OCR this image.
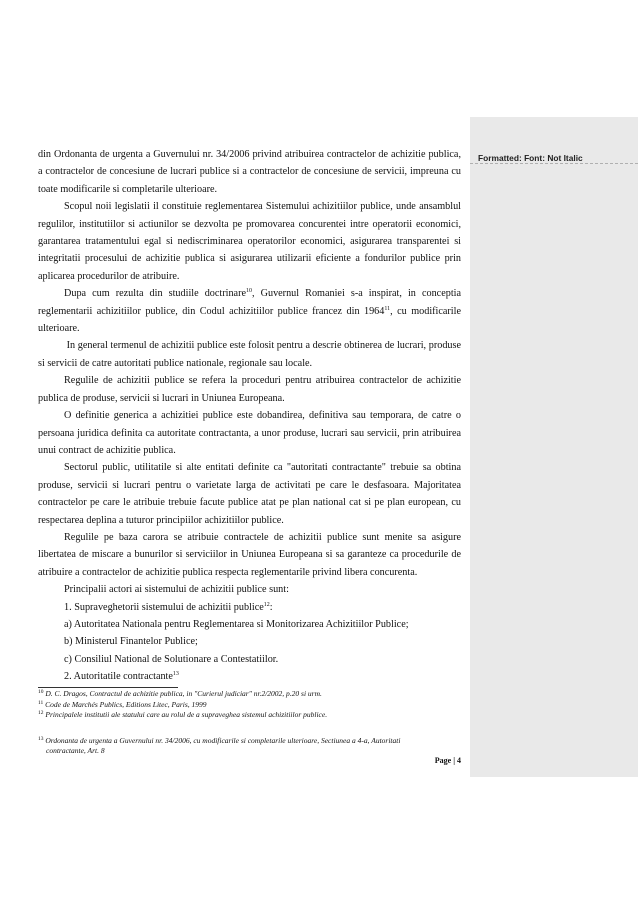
Formatted: Font: Not Italic

din Ordonanta de urgenta a Guvernului nr. 34/2006 privind atribuirea contractelor de achizitie publica, a contractelor de concesiune de lucrari publice si a contractelor de concesiune de servicii, impreuna cu toate modificarile si completarile ulterioare.

Scopul noii legislatii il constituie reglementarea Sistemului achizitiilor publice, unde ansamblul regulilor, institutiilor si actiunilor se dezvolta pe promovarea concurentei intre operatorii economici, garantarea tratamentului egal si nediscriminarea operatorilor economici, asigurarea transparentei si integritatii procesului de achizitie publica si asigurarea utilizarii eficiente a fondurilor publice prin aplicarea procedurilor de atribuire.

Dupa cum rezulta din studiile doctrinare$^{10}$, Guvernul Romaniei s-a inspirat, in conceptia reglementarii achizitiilor publice, din Codul achizitiilor publice francez din 1964$^{11}$, cu modificarile ulterioare.

In general termenul de achizitii publice este folosit pentru a descrie obtinerea de lucrari, produse si servicii de catre autoritati publice nationale, regionale sau locale.

Regulile de achizitii publice se refera la proceduri pentru atribuirea contractelor de achizitie publica de produse, servicii si lucrari in Uniunea Europeana.

O definitie generica a achizitiei publice este dobandirea, definitiva sau temporara, de catre o persoana juridica definita ca autoritate contractanta, a unor produse, lucrari sau servicii, prin atribuirea unui contract de achizitie publica.

Sectorul public, utilitatile si alte entitati definite ca "autoritati contractante" trebuie sa obtina produse, servicii si lucrari pentru o varietate larga de activitati pe care le desfasoara. Majoritatea contractelor pe care le atribuie trebuie facute publice atat pe plan national cat si pe plan european, cu respectarea deplina a tuturor principiilor achizitiilor publice.

Regulile pe baza carora se atribuie contractele de achizitii publice sunt menite sa asigure libertatea de miscare a bunurilor si serviciilor in Uniunea Europeana si sa garanteze ca procedurile de atribuire a contractelor de achizitie publica respecta reglementarile privind libera concurenta.

Principalii actori ai sistemului de achizitii publice sunt:

1. Supraveghetorii sistemului de achizitii publice$^{12}$:

a) Autoritatea Nationala pentru Reglementarea si Monitorizarea Achizitiilor Publice;

b) Ministerul Finantelor Publice;

c) Consiliul National de Solutionare a Contestatiilor.

2. Autoritatile contractante$^{13}$

$^{10}$ D. C. Dragos, Contractul de achizitie publica, in "Curierul judiciar" nr.2/2002, p.20 si urm.

$^{11}$ Code de Marchés Publics, Editions Litec, Paris, 1999

$^{12}$ Principalele institutii ale statului care au rolul de a supraveghea sistemul achizitiilor publice.

$^{13}$ Ordonanta de urgenta a Guvernului nr. 34/2006, cu modificarile si completarile ulterioare, Sectiunea a 4-a, Autoritati

contractante, Art. 8

Page | 4
